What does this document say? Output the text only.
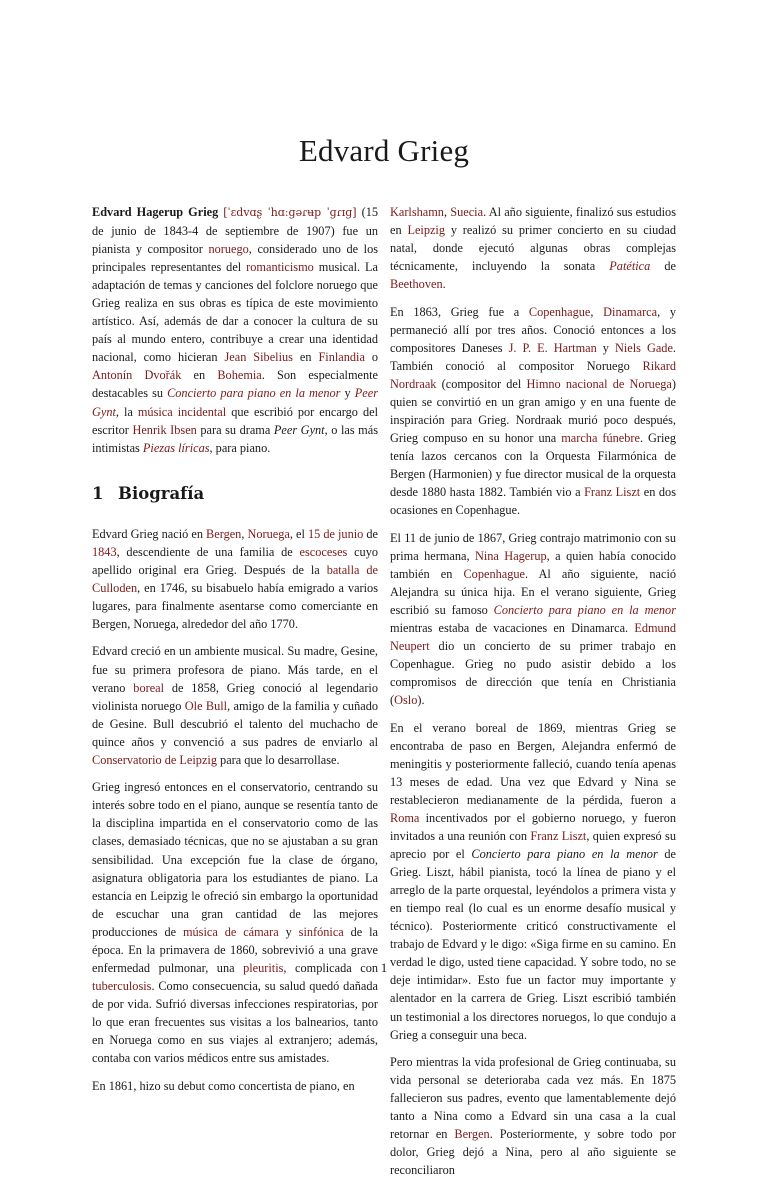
Edvard Grieg

Edvard Hagerup Grieg [ˈɛdvɑʂ ˈhɑːɡəɾʉp ˈɡɾɪɡ] (15 de junio de 1843-4 de septiembre de 1907) fue un pianista y compositor noruego, considerado uno de los principales representantes del romanticismo musical. La adaptación de temas y canciones del folclore noruego que Grieg realiza en sus obras es típica de este movimiento artístico. Así, además de dar a conocer la cultura de su país al mundo entero, contribuye a crear una identidad nacional, como hicieran Jean Sibelius en Finlandia o Antonín Dvořák en Bohemia. Son especialmente destacables su Concierto para piano en la menor y Peer Gynt, la música incidental que escribió por encargo del escritor Henrik Ibsen para su drama Peer Gynt, o las más intimistas Piezas líricas, para piano.

1 Biografía

Edvard Grieg nació en Bergen, Noruega, el 15 de junio de 1843, descendiente de una familia de escoceses cuyo apellido original era Grieg. Después de la batalla de Culloden, en 1746, su bisabuelo había emigrado a varios lugares, para finalmente asentarse como comerciante en Bergen, Noruega, alrededor del año 1770.

Edvard creció en un ambiente musical. Su madre, Gesine, fue su primera profesora de piano. Más tarde, en el verano boreal de 1858, Grieg conoció al legendario violinista noruego Ole Bull, amigo de la familia y cuñado de Gesine. Bull descubrió el talento del muchacho de quince años y convenció a sus padres de enviarlo al Conservatorio de Leipzig para que lo desarrollase.

Grieg ingresó entonces en el conservatorio, centrando su interés sobre todo en el piano, aunque se resentía tanto de la disciplina impartida en el conservatorio como de las clases, demasiado técnicas, que no se ajustaban a su gran sensibilidad. Una excepción fue la clase de órgano, asignatura obligatoria para los estudiantes de piano. La estancia en Leipzig le ofreció sin embargo la oportunidad de escuchar una gran cantidad de las mejores producciones de música de cámara y sinfónica de la época. En la primavera de 1860, sobrevivió a una grave enfermedad pulmonar, una pleuritis, complicada con tuberculosis. Como consecuencia, su salud quedó dañada de por vida. Sufrió diversas infecciones respiratorias, por lo que eran frecuentes sus visitas a los balnearios, tanto en Noruega como en sus viajes al extranjero; además, contaba con varios médicos entre sus amistades.

En 1861, hizo su debut como concertista de piano, en

Karlshamn, Suecia. Al año siguiente, finalizó sus estudios en Leipzig y realizó su primer concierto en su ciudad natal, donde ejecutó algunas obras complejas técnicamente, incluyendo la sonata Patética de Beethoven.

En 1863, Grieg fue a Copenhague, Dinamarca, y permaneció allí por tres años. Conoció entonces a los compositores Daneses J. P. E. Hartman y Niels Gade. También conoció al compositor Noruego Rikard Nordraak (compositor del Himno nacional de Noruega) quien se convirtió en un gran amigo y en una fuente de inspiración para Grieg. Nordraak murió poco después, Grieg compuso en su honor una marcha fúnebre. Grieg tenía lazos cercanos con la Orquesta Filarmónica de Bergen (Harmonien) y fue director musical de la orquesta desde 1880 hasta 1882. También vio a Franz Liszt en dos ocasiones en Copenhague.

El 11 de junio de 1867, Grieg contrajo matrimonio con su prima hermana, Nina Hagerup, a quien había conocido también en Copenhague. Al año siguiente, nació Alejandra su única hija. En el verano siguiente, Grieg escribió su famoso Concierto para piano en la menor mientras estaba de vacaciones en Dinamarca. Edmund Neupert dio un concierto de su primer trabajo en Copenhague. Grieg no pudo asistir debido a los compromisos de dirección que tenía en Christiania (Oslo).

En el verano boreal de 1869, mientras Grieg se encontraba de paso en Bergen, Alejandra enfermó de meningitis y posteriormente falleció, cuando tenía apenas 13 meses de edad. Una vez que Edvard y Nina se restablecieron medianamente de la pérdida, fueron a Roma incentivados por el gobierno noruego, y fueron invitados a una reunión con Franz Liszt, quien expresó su aprecio por el Concierto para piano en la menor de Grieg. Liszt, hábil pianista, tocó la línea de piano y el arreglo de la parte orquestal, leyéndolos a primera vista y en tiempo real (lo cual es un enorme desafío musical y técnico). Posteriormente criticó constructivamente el trabajo de Edvard y le digo: «Siga firme en su camino. En verdad le digo, usted tiene capacidad. Y sobre todo, no se deje intimidar». Esto fue un factor muy importante y alentador en la carrera de Grieg. Liszt escribió también un testimonial a los directores noruegos, lo que condujo a Grieg a conseguir una beca.

Pero mientras la vida profesional de Grieg continuaba, su vida personal se deterioraba cada vez más. En 1875 fallecieron sus padres, evento que lamentablemente dejó tanto a Nina como a Edvard sin una casa a la cual retornar en Bergen. Posteriormente, y sobre todo por dolor, Grieg dejó a Nina, pero al año siguiente se reconciliaron

1
